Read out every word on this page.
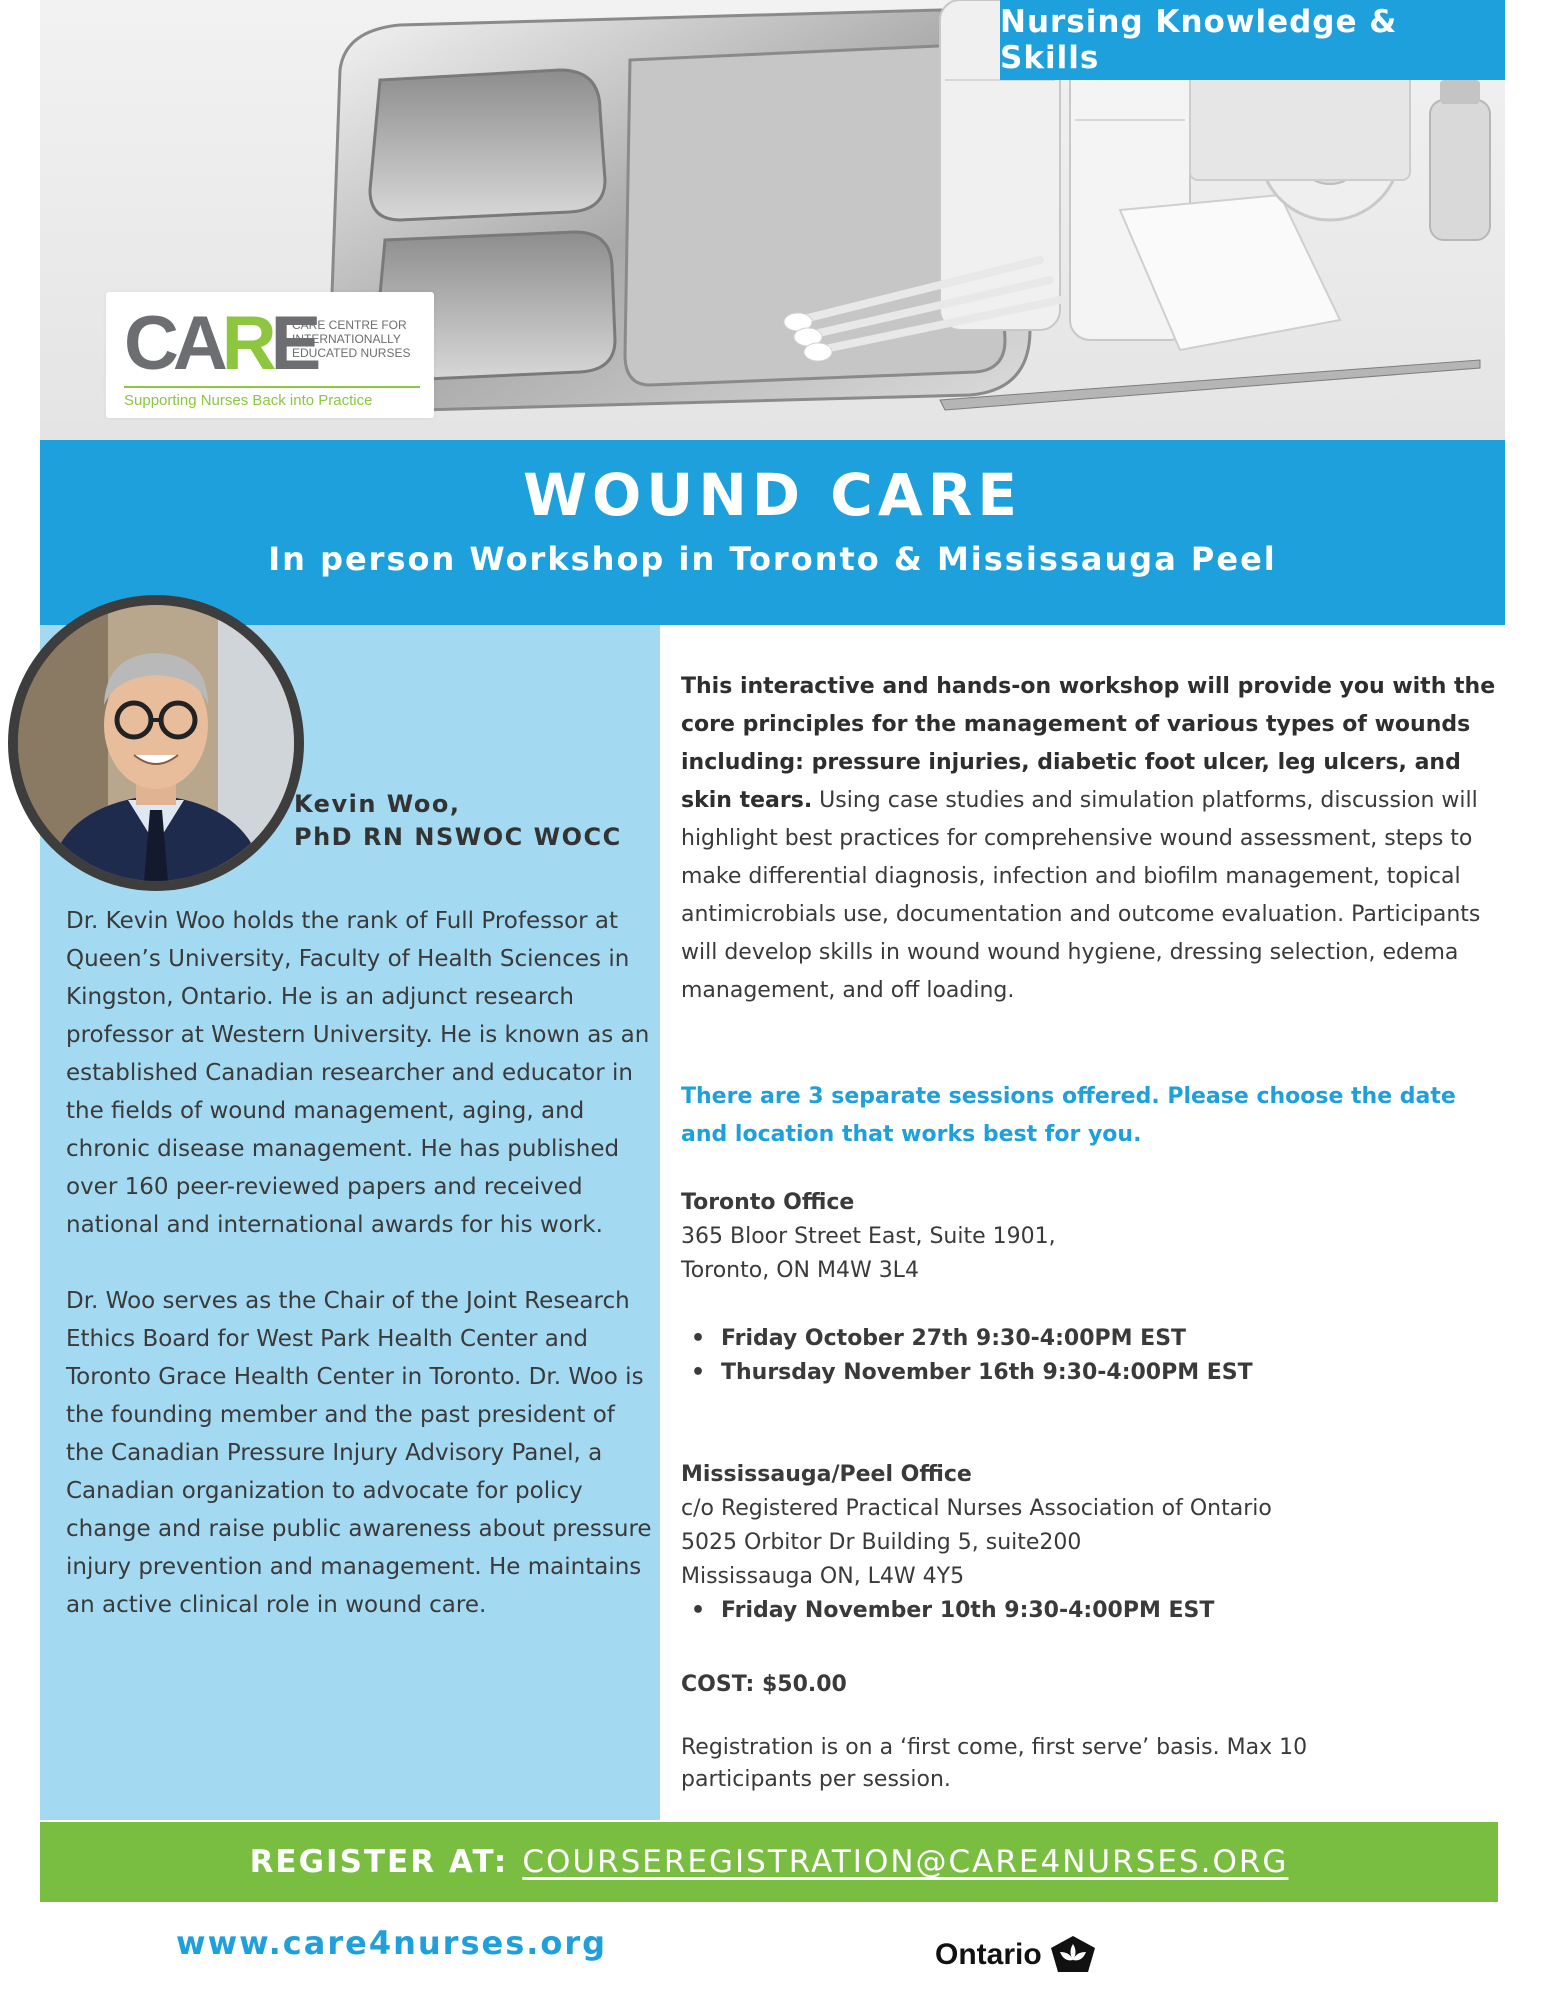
CARE
CARE CENTRE FOR
INTERNATIONALLY
EDUCATED NURSES
Supporting Nurses Back into Practice
Nursing Knowledge & Skills
WOUND CARE
In person Workshop in Toronto & Mississauga Peel
Kevin Woo,
PhD RN NSWOC WOCC

Dr. Kevin Woo holds the rank of Full Professor at Queen’s University, Faculty of Health Sciences in Kingston, Ontario. He is an adjunct research professor at Western University. He is known as an established Canadian researcher and educator in the fields of wound management, aging, and chronic disease management. He has published over 160 peer-reviewed papers and received national and international awards for his work.

Dr. Woo serves as the Chair of the Joint Research Ethics Board for West Park Health Center and Toronto Grace Health Center in Toronto. Dr. Woo is the founding member and the past president of the Canadian Pressure Injury Advisory Panel, a Canadian organization to advocate for policy change and raise public awareness about pressure injury prevention and management. He maintains an active clinical role in wound care.

This interactive and hands-on workshop will provide you with the core principles for the management of various types of wounds including: pressure injuries, diabetic foot ulcer, leg ulcers, and skin tears. Using case studies and simulation platforms, discussion will highlight best practices for comprehensive wound assessment, steps to make differential diagnosis, infection and biofilm management, topical antimicrobials use, documentation and outcome evaluation. Participants will develop skills in wound wound hygiene, dressing selection, edema management, and off loading.

There are 3 separate sessions offered. Please choose the date and location that works best for you.

Toronto Office
365 Bloor Street East, Suite 1901,
Toronto, ON M4W 3L4
• Friday October 27th 9:30-4:00PM EST
• Thursday November 16th 9:30-4:00PM EST
Mississauga/Peel Office
c/o Registered Practical Nurses Association of Ontario
5025 Orbitor Dr Building 5, suite200
Mississauga ON, L4W 4Y5
• Friday November 10th 9:30-4:00PM EST
COST: $50.00

Registration is on a ‘first come, first serve’ basis. Max 10 participants per session.

REGISTER AT: COURSEREGISTRATION@CARE4NURSES.ORG
www.care4nurses.org	Ontario
